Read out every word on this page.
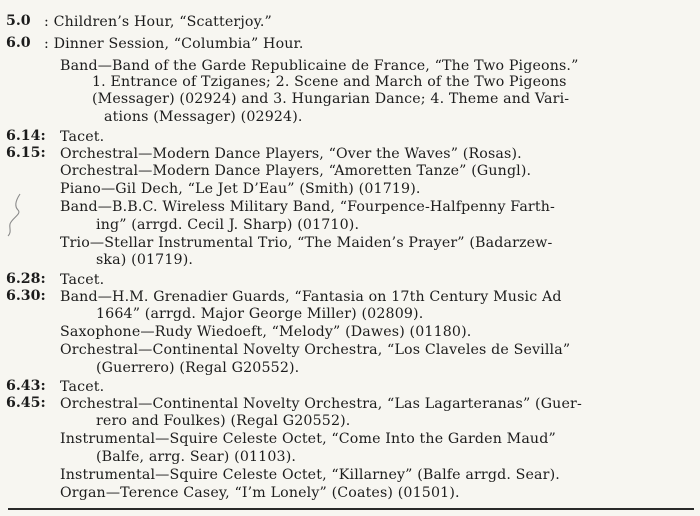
5.0 : Children’s Hour, “Scatterjoy.”
6.0 : Dinner Session, “Columbia” Hour.
Band—Band of the Garde Republicaine de France, “The Two Pigeons.”
1. Entrance of Tziganes; 2. Scene and March of the Two Pigeons
(Messager) (02924) and 3. Hungarian Dance; 4. Theme and Vari-
ations (Messager) (02924).
6.14: Tacet.
6.15: Orchestral—Modern Dance Players, “Over the Waves” (Rosas).
Orchestral—Modern Dance Players, “Amoretten Tanze” (Gungl).
Piano—Gil Dech, “Le Jet D’Eau” (Smith) (01719).
Band—B.B.C. Wireless Military Band, “Fourpence-Halfpenny Farth-
ing” (arrgd. Cecil J. Sharp) (01710).
Trio—Stellar Instrumental Trio, “The Maiden’s Prayer” (Badarzew-
ska) (01719).
6.28: Tacet.
6.30: Band—H.M. Grenadier Guards, “Fantasia on 17th Century Music Ad
1664” (arrgd. Major George Miller) (02809).
Saxophone—Rudy Wiedoeft, “Melody” (Dawes) (01180).
Orchestral—Continental Novelty Orchestra, “Los Claveles de Sevilla”
(Guerrero) (Regal G20552).
6.43: Tacet.
6.45: Orchestral—Continental Novelty Orchestra, “Las Lagarteranas” (Guer-
rero and Foulkes) (Regal G20552).
Instrumental—Squire Celeste Octet, “Come Into the Garden Maud”
(Balfe, arrg. Sear) (01103).
Instrumental—Squire Celeste Octet, “Killarney” (Balfe arrgd. Sear).
Organ—Terence Casey, “I’m Lonely” (Coates) (01501).
